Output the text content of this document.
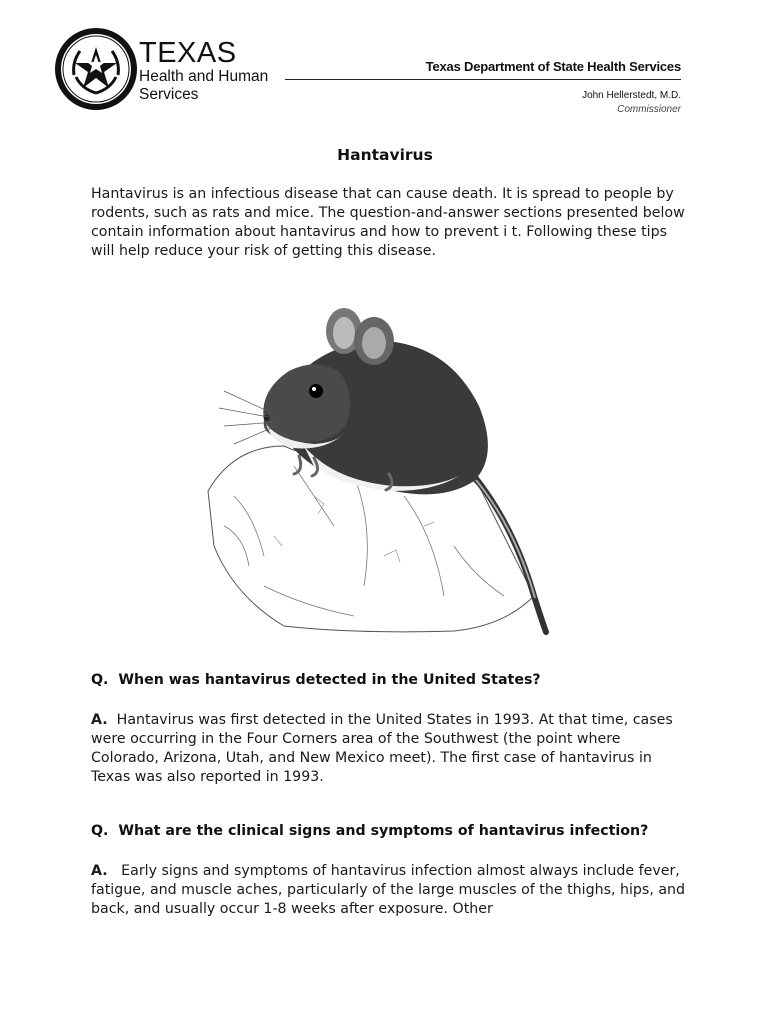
TEXAS
Health and Human
Services
Texas Department of State Health Services
John Hellerstedt, M.D.
Commissioner
Hantavirus

Hantavirus is an infectious disease that can cause death. It is spread to people by rodents, such as rats and mice. The question-and-answer sections presented below contain information about hantavirus and how to prevent i t. Following these tips will help reduce your risk of getting this disease.

Q. When was hantavirus detected in the United States?

A. Hantavirus was first detected in the United States in 1993. At that time, cases were occurring in the Four Corners area of the Southwest (the point where Colorado, Arizona, Utah, and New Mexico meet). The first case of hantavirus in Texas was also reported in 1993.

Q. What are the clinical signs and symptoms of hantavirus infection?

A. Early signs and symptoms of hantavirus infection almost always include fever, fatigue, and muscle aches, particularly of the large muscles of the thighs, hips, and back, and usually occur 1-8 weeks after exposure. Other
